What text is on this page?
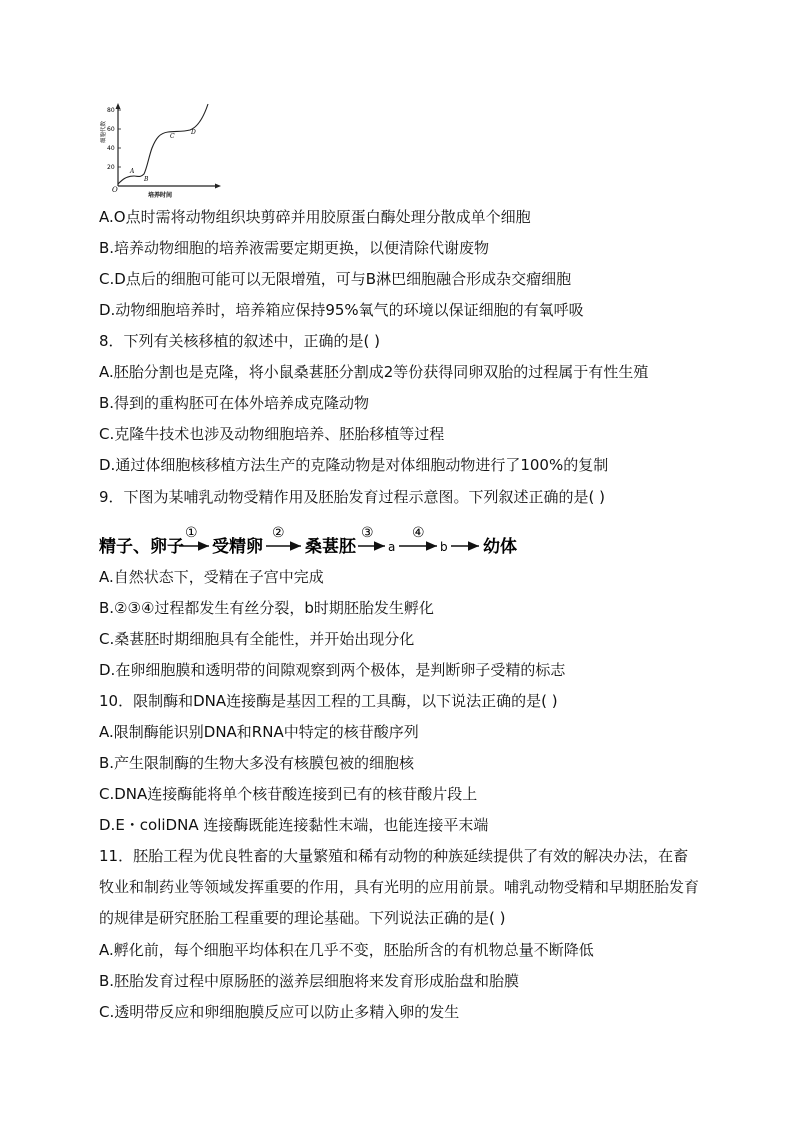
80
60
40
20
细胞代数
培养时间
O
A
B
C
D
A.O点时需将动物组织块剪碎并用胶原蛋白酶处理分散成单个细胞
B.培养动物细胞的培养液需要定期更换，以便清除代谢废物
C.D点后的细胞可能可以无限增殖，可与B淋巴细胞融合形成杂交瘤细胞
D.动物细胞培养时，培养箱应保持95%氧气的环境以保证细胞的有氧呼吸
8．下列有关核移植的叙述中，正确的是( )
A.胚胎分割也是克隆，将小鼠桑葚胚分割成2等份获得同卵双胎的过程属于有性生殖
B.得到的重构胚可在体外培养成克隆动物
C.克隆牛技术也涉及动物细胞培养、胚胎移植等过程
D.通过体细胞核移植方法生产的克隆动物是对体细胞动物进行了100%的复制
9．下图为某哺乳动物受精作用及胚胎发育过程示意图。下列叙述正确的是( )
精子、卵子
①
受精卵
②
桑葚胚
③
a
④
b 幼体
A.自然状态下，受精在子宫中完成
B.②③④过程都发生有丝分裂，b时期胚胎发生孵化
C.桑葚胚时期细胞具有全能性，并开始出现分化
D.在卵细胞膜和透明带的间隙观察到两个极体，是判断卵子受精的标志
10．限制酶和DNA连接酶是基因工程的工具酶，以下说法正确的是( )
A.限制酶能识别DNA和RNA中特定的核苷酸序列
B.产生限制酶的生物大多没有核膜包被的细胞核
C.DNA连接酶能将单个核苷酸连接到已有的核苷酸片段上
D.E・coliDNA 连接酶既能连接黏性末端，也能连接平末端
11．胚胎工程为优良牲畜的大量繁殖和稀有动物的种族延续提供了有效的解决办法，在畜牧业和制药业等领域发挥重要的作用，具有光明的应用前景。哺乳动物受精和早期胚胎发育的规律是研究胚胎工程重要的理论基础。下列说法正确的是( )
A.孵化前，每个细胞平均体积在几乎不变，胚胎所含的有机物总量不断降低
B.胚胎发育过程中原肠胚的滋养层细胞将来发育形成胎盘和胎膜
C.透明带反应和卵细胞膜反应可以防止多精入卵的发生
